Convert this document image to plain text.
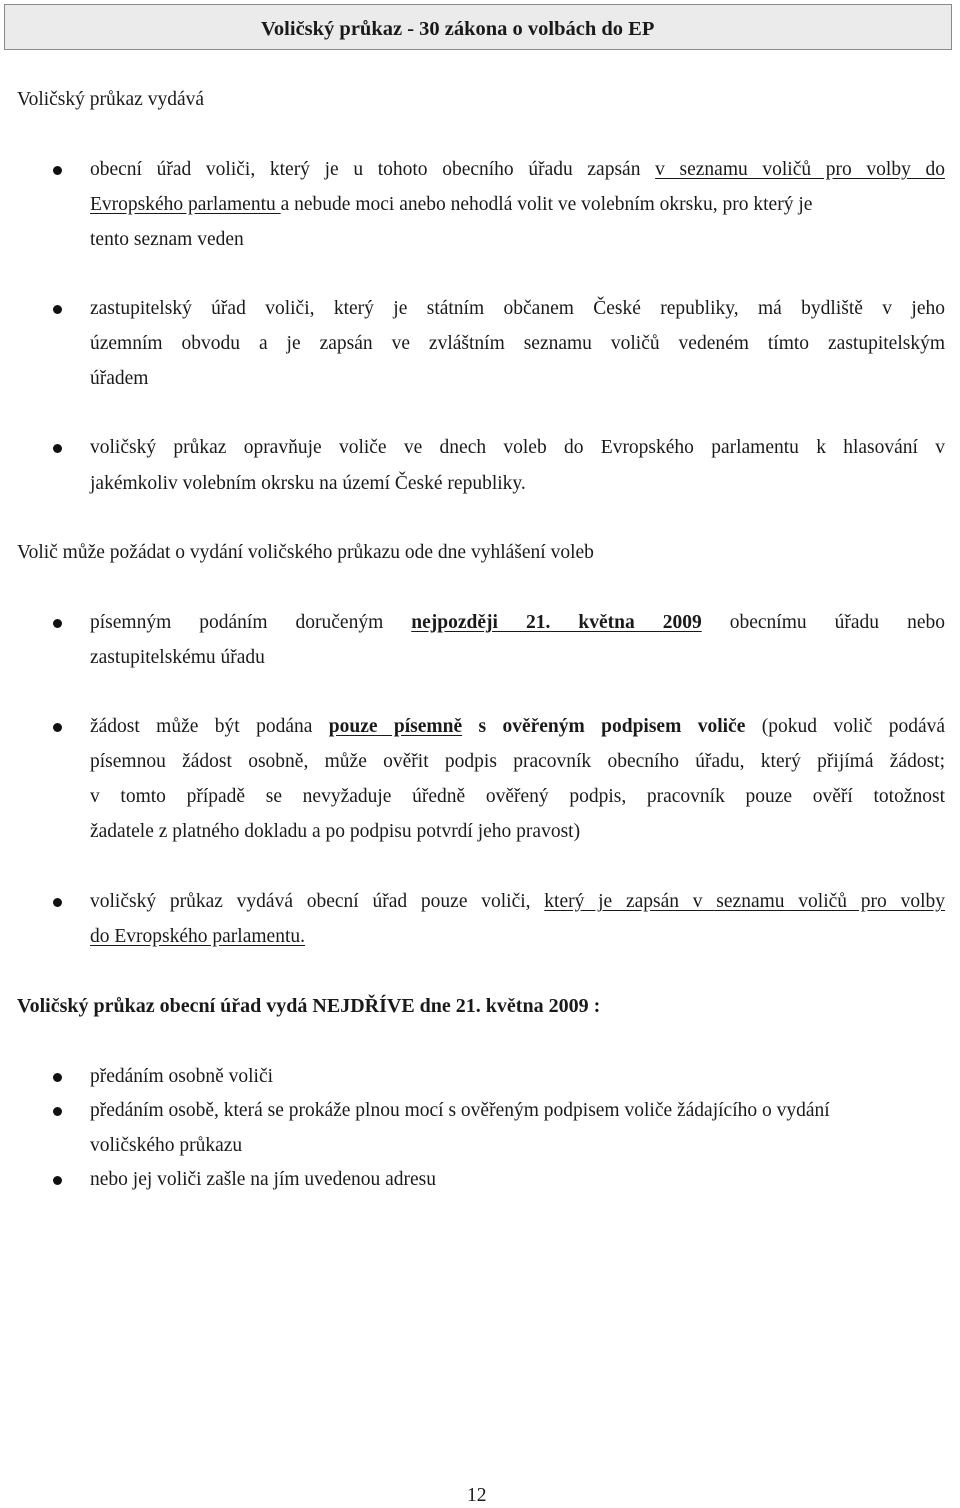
Voličský průkaz - 30 zákona o volbách do EP
Voličský průkaz vydává
obecní úřad voliči, který je u tohoto obecního úřadu zapsán v seznamu voličů pro volby do
Evropského parlamentu a nebude moci anebo nehodlá volit ve volebním okrsku, pro který je
tento seznam veden
zastupitelský úřad voliči, který je státním občanem České republiky, má bydliště v jeho
územním obvodu a je zapsán ve zvláštním seznamu voličů vedeném tímto zastupitelským
úřadem
voličský průkaz opravňuje voliče ve dnech voleb do Evropského parlamentu k hlasování v
jakémkoliv volebním okrsku na území České republiky.
Volič může požádat o vydání voličského průkazu ode dne vyhlášení voleb
písemným podáním doručeným nejpozději 21. května 2009 obecnímu úřadu nebo
zastupitelskému úřadu
žádost může být podána pouze písemně s ověřeným podpisem voliče (pokud volič podává
písemnou žádost osobně, může ověřit podpis pracovník obecního úřadu, který přijímá žádost;
v tomto případě se nevyžaduje úředně ověřený podpis, pracovník pouze ověří totožnost
žadatele z platného dokladu a po podpisu potvrdí jeho pravost)
voličský průkaz vydává obecní úřad pouze voliči, který je zapsán v seznamu voličů pro volby
do Evropského parlamentu.
Voličský průkaz obecní úřad vydá NEJDŘÍVE dne 21. května 2009 :
předáním osobně voliči
předáním osobě, která se prokáže plnou mocí s ověřeným podpisem voliče žádajícího o vydání
voličského průkazu
nebo jej voliči zašle na jím uvedenou adresu
12
